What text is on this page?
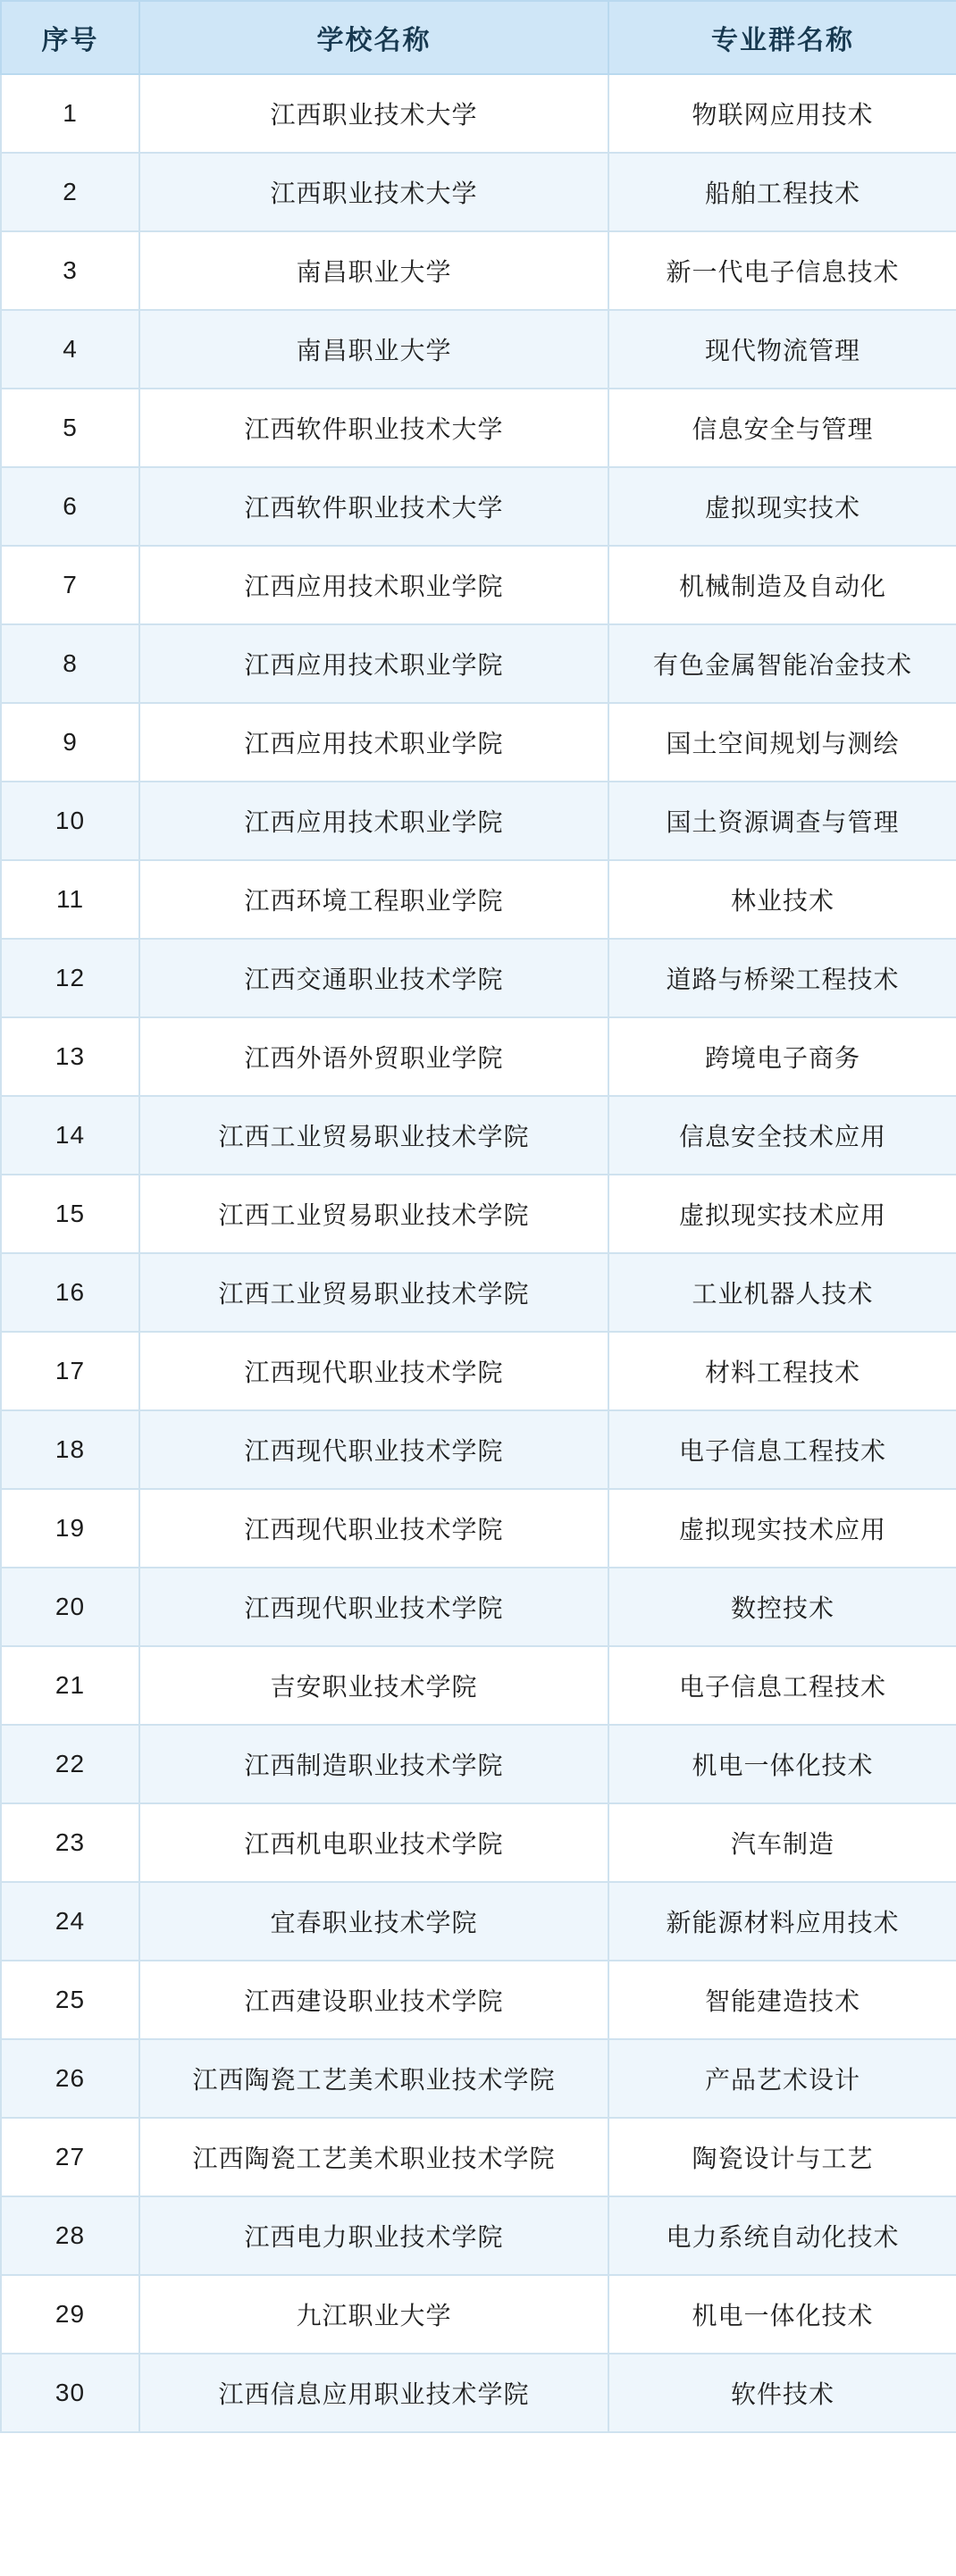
序号	学校名称	专业群名称
1	江西职业技术大学	物联网应用技术
2	江西职业技术大学	船舶工程技术
3	南昌职业大学	新一代电子信息技术
4	南昌职业大学	现代物流管理
5	江西软件职业技术大学	信息安全与管理
6	江西软件职业技术大学	虚拟现实技术
7	江西应用技术职业学院	机械制造及自动化
8	江西应用技术职业学院	有色金属智能冶金技术
9	江西应用技术职业学院	国土空间规划与测绘
10	江西应用技术职业学院	国土资源调查与管理
11	江西环境工程职业学院	林业技术
12	江西交通职业技术学院	道路与桥梁工程技术
13	江西外语外贸职业学院	跨境电子商务
14	江西工业贸易职业技术学院	信息安全技术应用
15	江西工业贸易职业技术学院	虚拟现实技术应用
16	江西工业贸易职业技术学院	工业机器人技术
17	江西现代职业技术学院	材料工程技术
18	江西现代职业技术学院	电子信息工程技术
19	江西现代职业技术学院	虚拟现实技术应用
20	江西现代职业技术学院	数控技术
21	吉安职业技术学院	电子信息工程技术
22	江西制造职业技术学院	机电一体化技术
23	江西机电职业技术学院	汽车制造
24	宜春职业技术学院	新能源材料应用技术
25	江西建设职业技术学院	智能建造技术
26	江西陶瓷工艺美术职业技术学院	产品艺术设计
27	江西陶瓷工艺美术职业技术学院	陶瓷设计与工艺
28	江西电力职业技术学院	电力系统自动化技术
29	九江职业大学	机电一体化技术
30	江西信息应用职业技术学院	软件技术
